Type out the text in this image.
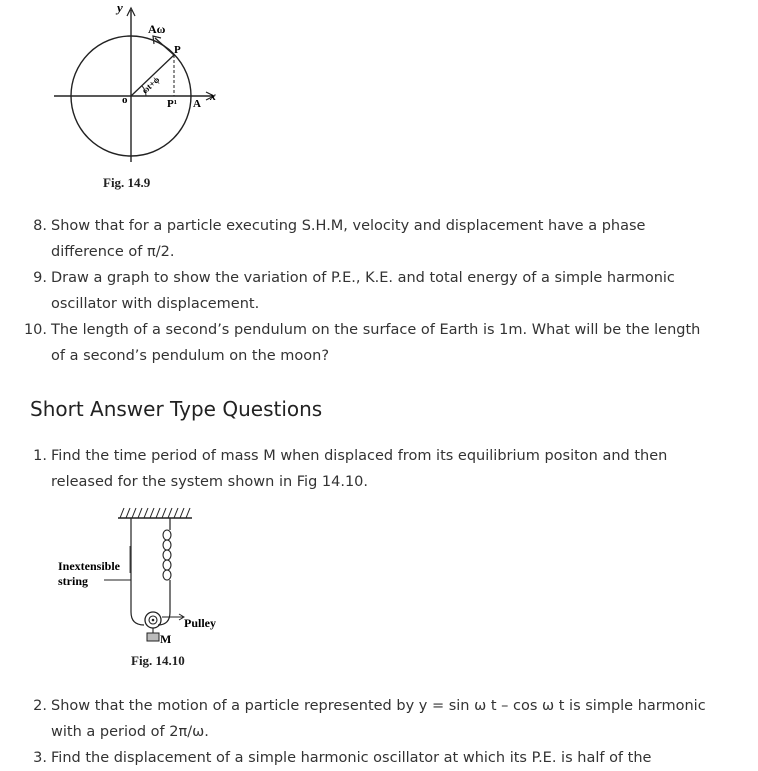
y
x
Aω
P
o	P¹ A
ωt+ϕ
Fig. 14.9
8. Show that for a particle executing S.H.M, velocity and displacement have a phase
difference of π/2.
9. Draw a graph to show the variation of P.E., K.E. and total energy of a simple harmonic
oscillator with displacement.
10. The length of a second’s pendulum on the surface of Earth is 1m. What will be the length
of a second’s pendulum on the moon?
Short Answer Type Questions
1. Find the time period of mass M when displaced from its equilibrium positon and then
released for the system shown in Fig 14.10.
Inextensible
string
Pulley
M
Fig. 14.10
2. Show that the motion of a particle represented by y = sin ω t – cos ω t is simple harmonic
with a period of 2π/ω.
3. Find the displacement of a simple harmonic oscillator at which its P.E. is half of the
